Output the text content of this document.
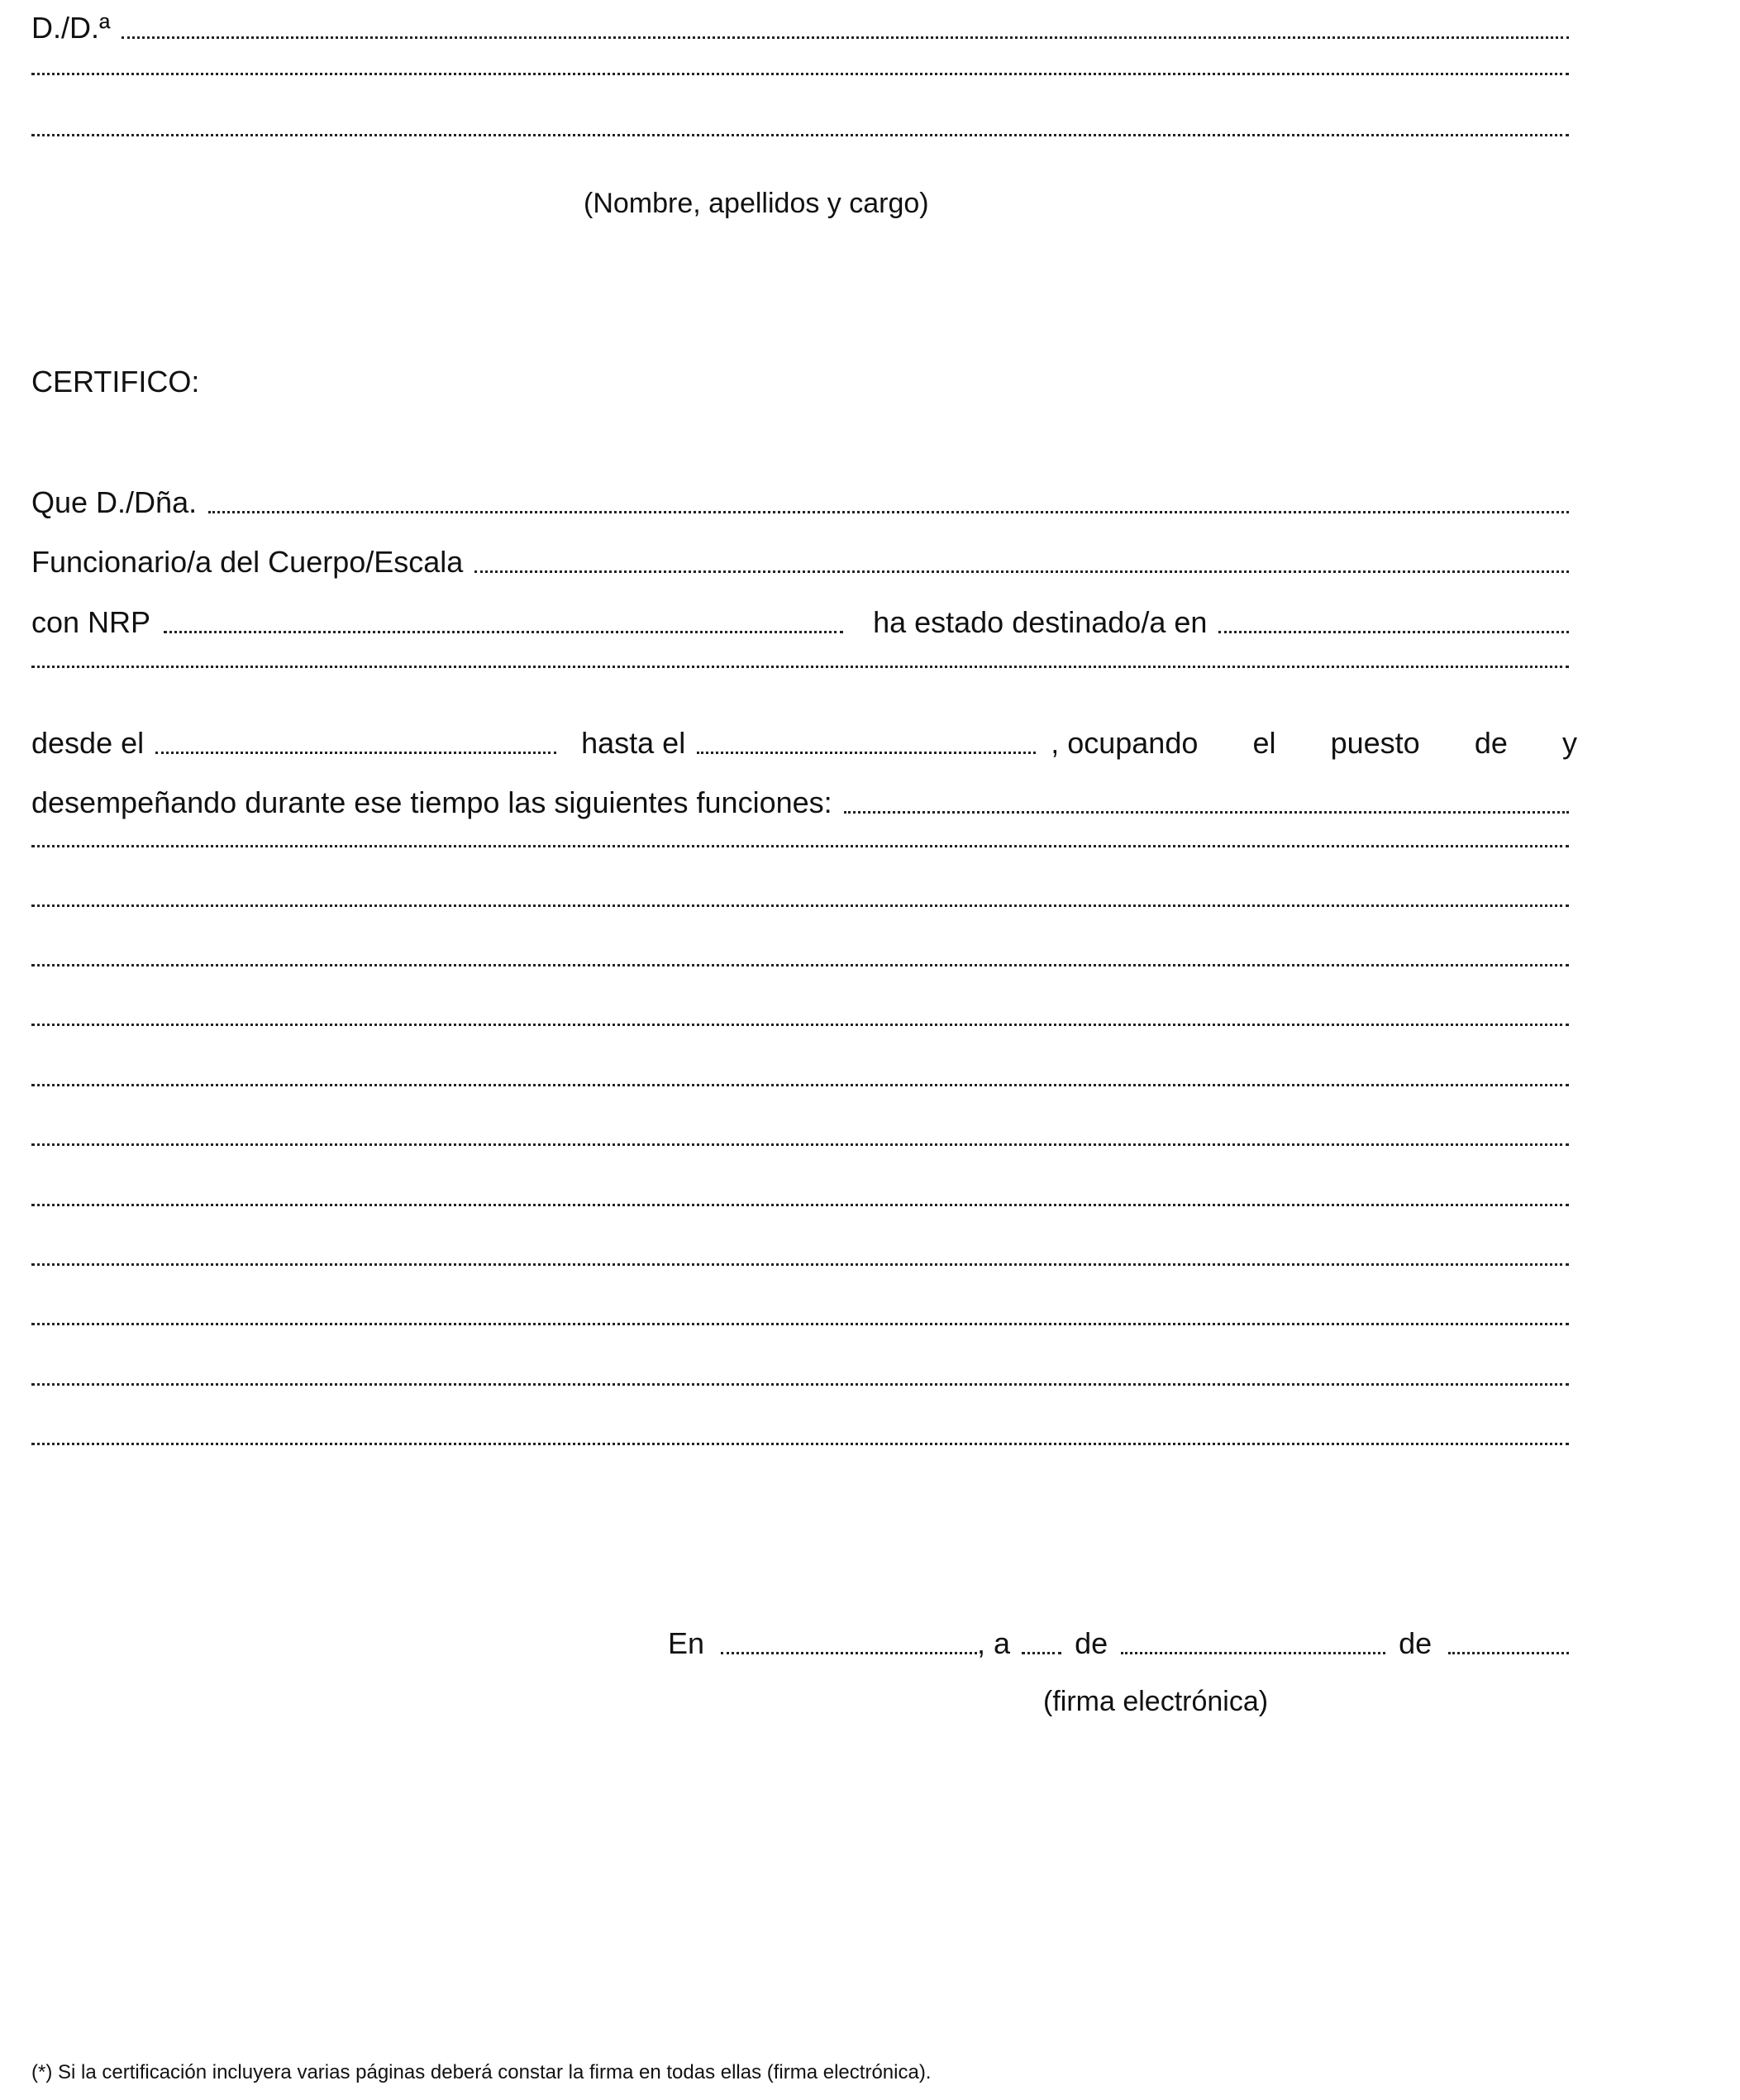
D./D.ª
(Nombre, apellidos y cargo)
CERTIFICO:
Que D./Dña.
Funcionario/a del Cuerpo/Escala
con NRP	ha estado destinado/a en
desde el	hasta el	, ocupando el puesto de y
desempeñando durante ese tiempo las siguientes funciones:
En	, a de	de
(firma electrónica)
(*) Si la certificación incluyera varias páginas deberá constar la firma en todas ellas (firma electrónica).
